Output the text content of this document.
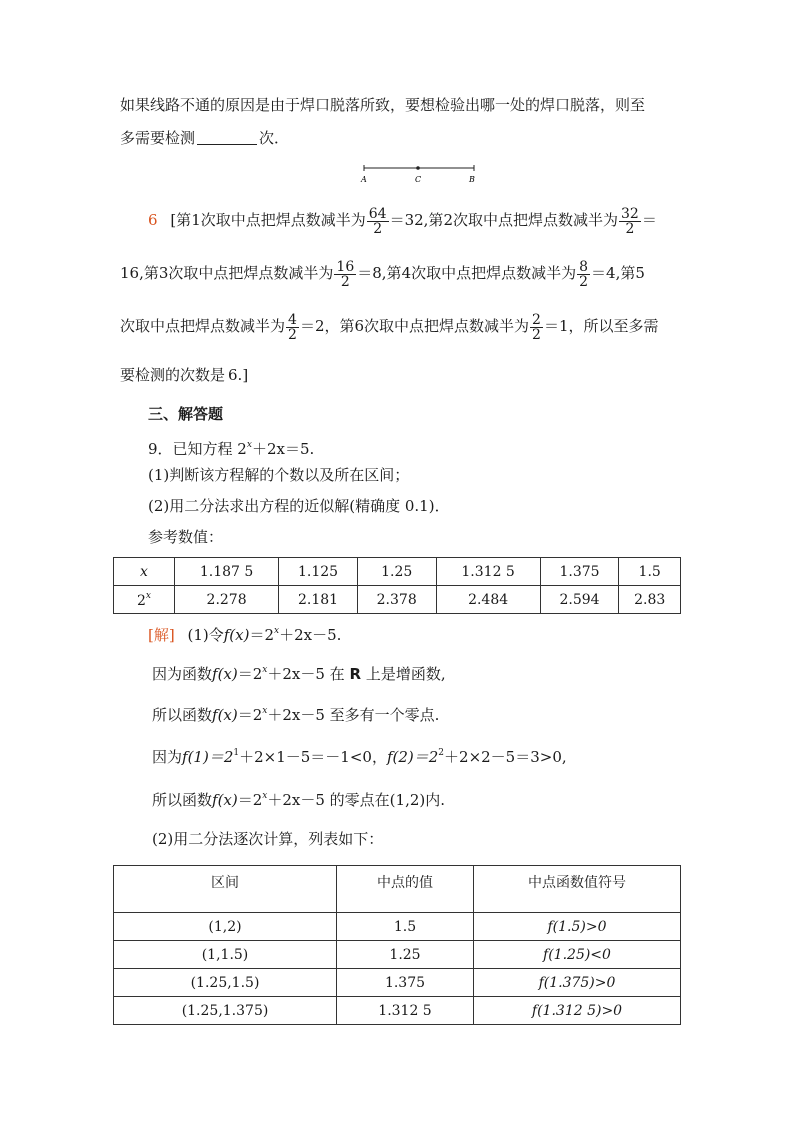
如果线路不通的原因是由于焊口脱落所致，要想检验出哪一处的焊口脱落，则至
多需要检测	次．
A	C	B
6 [第1次取中点把焊点数减半为 $\frac{64}{2} =32$,第2次取中点把焊点数减半为 $\frac{32}{2}$ ＝
16,第3次取中点把焊点数减半为 $\frac{16}{2} =8$,第4次取中点把焊点数减半为 $\frac{8}{2} =4$,第5
次取中点把焊点数减半为 $\frac{4}{2} =2$，第6次取中点把焊点数减半为 $\frac{2}{2} =1$，所以至多需
要检测的次数是 6.]
三、解答题
9．已知方程 $2^x+2x=5$.
(1)判断该方程解的个数以及所在区间；
(2)用二分法求出方程的近似解(精确度 0.1)．
参考数值：
x	1.187 5	1.125	1.25	1.312 5	1.375	1.5
2$^x$	2.278	2.181	2.378	2.484	2.594	2.83
[解] (1)令$f(x)=2^x+2x-5$.
因为函数$f(x)=2^x+2x-5$ 在 R 上是增函数,
所以函数$f(x)=2^x+2x-5$ 至多有一个零点.
因为$f(1)=2^1+2\times 1-5=-1<0$，$f(2)=2^2+2\times 2-5=3>0$,
所以函数$f(x)=2^x+2x-5$ 的零点在(1,2)内.
(2)用二分法逐次计算，列表如下：
区间	中点的值	中点函数值符号
(1,2)	1.5	f(1.5)>0
(1,1.5)	1.25	f(1.25)<0
(1.25,1.5)	1.375	f(1.375)>0
(1.25,1.375)	1.312 5	f(1.312 5)>0
